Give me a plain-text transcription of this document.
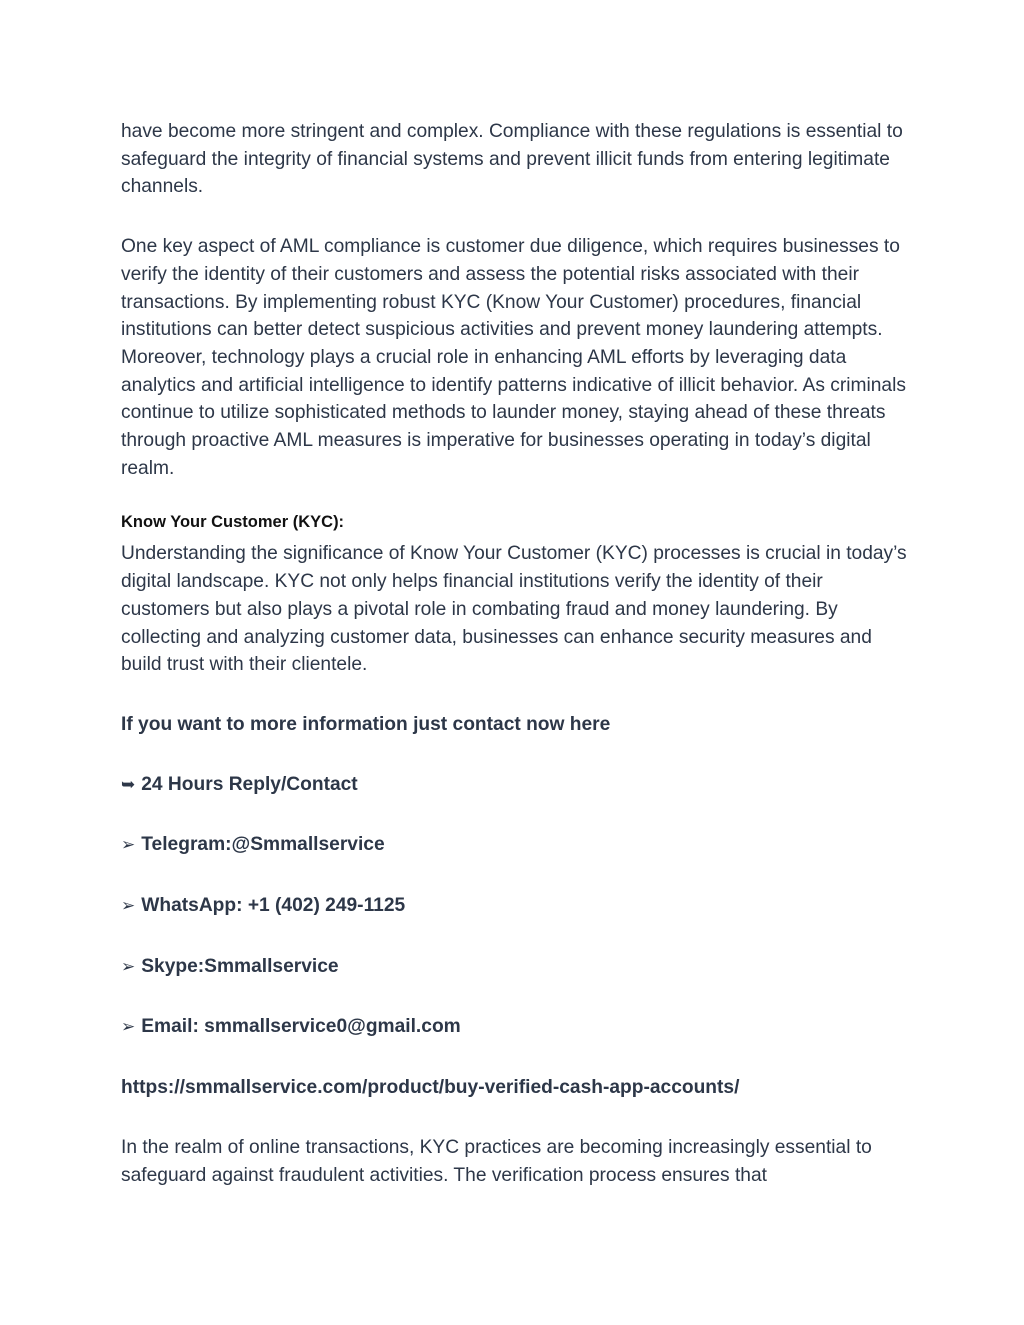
have become more stringent and complex. Compliance with these regulations is essential to safeguard the integrity of financial systems and prevent illicit funds from entering legitimate channels.

One key aspect of AML compliance is customer due diligence, which requires businesses to verify the identity of their customers and assess the potential risks associated with their transactions. By implementing robust KYC (Know Your Customer) procedures, financial institutions can better detect suspicious activities and prevent money laundering attempts. Moreover, technology plays a crucial role in enhancing AML efforts by leveraging data analytics and artificial intelligence to identify patterns indicative of illicit behavior. As criminals continue to utilize sophisticated methods to launder money, staying ahead of these threats through proactive AML measures is imperative for businesses operating in today’s digital realm.

Know Your Customer (KYC):

Understanding the significance of Know Your Customer (KYC) processes is crucial in today’s digital landscape. KYC not only helps financial institutions verify the identity of their customers but also plays a pivotal role in combating fraud and money laundering. By collecting and analyzing customer data, businesses can enhance security measures and build trust with their clientele.

If you want to more information just contact now here

➥ 24 Hours Reply/Contact

➢ Telegram:@Smmallservice

➢ WhatsApp: +1 (402) 249-1125

➢ Skype:Smmallservice

➢ Email: smmallservice0@gmail.com

https://smmallservice.com/product/buy-verified-cash-app-accounts/

In the realm of online transactions, KYC practices are becoming increasingly essential to safeguard against fraudulent activities. The verification process ensures that
